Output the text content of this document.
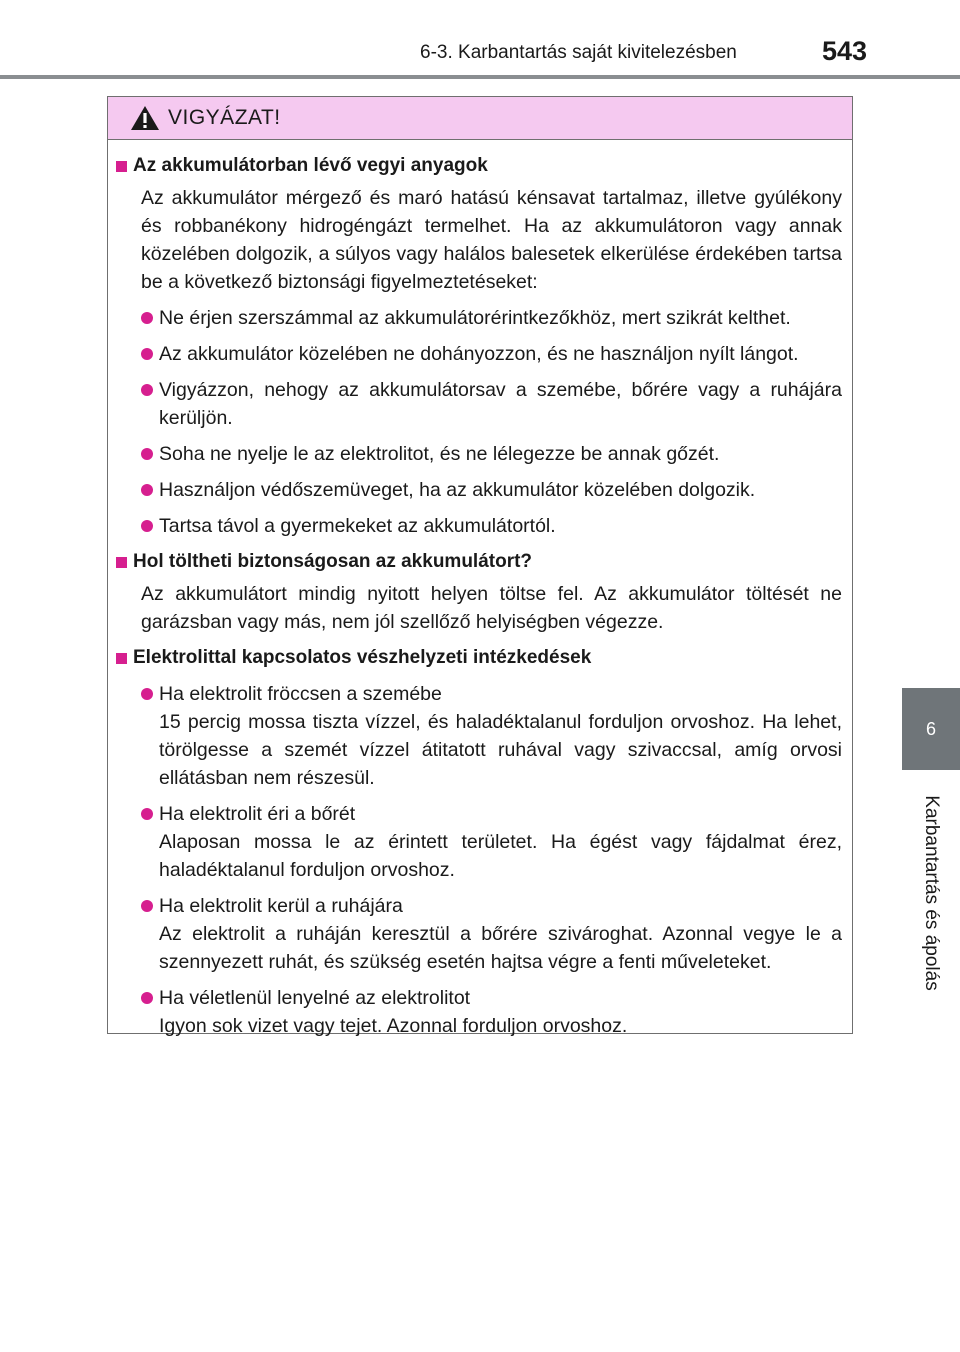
6-3. Karbantartás saját kivitelezésben	543
6
Karbantartás és ápolás
VIGYÁZAT!
Az akkumulátorban lévő vegyi anyagok
Az akkumulátor mérgező és maró hatású kénsavat tartalmaz, illetve gyúlékony és robbanékony hidrogéngázt termelhet. Ha az akkumulátoron vagy annak közelében dolgozik, a súlyos vagy halálos balesetek elkerülése érdekében tartsa be a következő biztonsági figyelmeztetéseket:
Ne érjen szerszámmal az akkumulátorérintkezőkhöz, mert szikrát kelthet.
Az akkumulátor közelében ne dohányozzon, és ne használjon nyílt lángot.
Vigyázzon, nehogy az akkumulátorsav a szemébe, bőrére vagy a ruhájára kerüljön.
Soha ne nyelje le az elektrolitot, és ne lélegezze be annak gőzét.
Használjon védőszemüveget, ha az akkumulátor közelében dolgozik.
Tartsa távol a gyermekeket az akkumulátortól.
Hol töltheti biztonságosan az akkumulátort?
Az akkumulátort mindig nyitott helyen töltse fel. Az akkumulátor töltését ne garázsban vagy más, nem jól szellőző helyiségben végezze.
Elektrolittal kapcsolatos vészhelyzeti intézkedések
Ha elektrolit fröccsen a szemébe
15 percig mossa tiszta vízzel, és haladéktalanul forduljon orvoshoz. Ha lehet, törölgesse a szemét vízzel átitatott ruhával vagy szivaccsal, amíg orvosi ellátásban nem részesül.
Ha elektrolit éri a bőrét
Alaposan mossa le az érintett területet. Ha égést vagy fájdalmat érez, haladéktalanul forduljon orvoshoz.
Ha elektrolit kerül a ruhájára
Az elektrolit a ruháján keresztül a bőrére szivároghat. Azonnal vegye le a szennyezett ruhát, és szükség esetén hajtsa végre a fenti műveleteket.
Ha véletlenül lenyelné az elektrolitot
Igyon sok vizet vagy tejet. Azonnal forduljon orvoshoz.
